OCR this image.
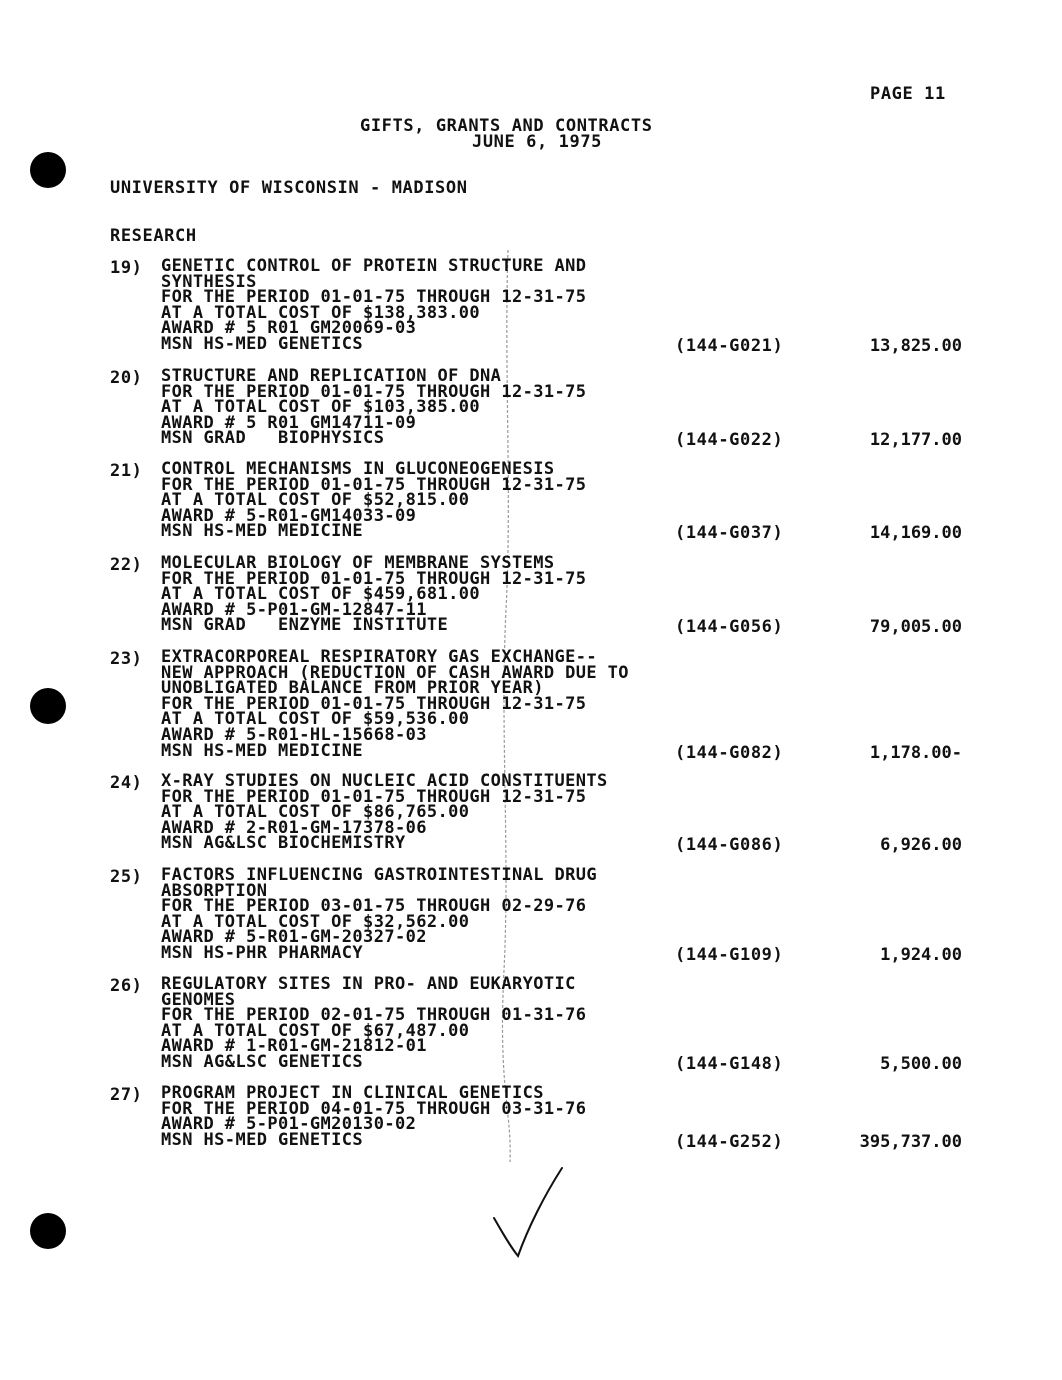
PAGE 11
GIFTS, GRANTS AND CONTRACTS
JUNE 6, 1975
UNIVERSITY OF WISCONSIN - MADISON
RESEARCH
19) GENETIC CONTROL OF PROTEIN STRUCTURE AND
SYNTHESIS
FOR THE PERIOD 01-01-75 THROUGH 12-31-75
AT A TOTAL COST OF $138,383.00
AWARD # 5 R01 GM20069-03
MSN HS-MED GENETICS	(144-G021)	13,825.00
20) STRUCTURE AND REPLICATION OF DNA
FOR THE PERIOD 01-01-75 THROUGH 12-31-75
AT A TOTAL COST OF $103,385.00
AWARD # 5 R01 GM14711-09
MSN GRAD   BIOPHYSICS	(144-G022)	12,177.00
21) CONTROL MECHANISMS IN GLUCONEOGENESIS
FOR THE PERIOD 01-01-75 THROUGH 12-31-75
AT A TOTAL COST OF $52,815.00
AWARD # 5-R01-GM14033-09
MSN HS-MED MEDICINE	(144-G037)	14,169.00
22) MOLECULAR BIOLOGY OF MEMBRANE SYSTEMS
FOR THE PERIOD 01-01-75 THROUGH 12-31-75
AT A TOTAL COST OF $459,681.00
AWARD # 5-P01-GM-12847-11
MSN GRAD   ENZYME INSTITUTE	(144-G056)	79,005.00
23) EXTRACORPOREAL RESPIRATORY GAS EXCHANGE--
NEW APPROACH (REDUCTION OF CASH AWARD DUE TO
UNOBLIGATED BALANCE FROM PRIOR YEAR)
FOR THE PERIOD 01-01-75 THROUGH 12-31-75
AT A TOTAL COST OF $59,536.00
AWARD # 5-R01-HL-15668-03
MSN HS-MED MEDICINE	(144-G082)	1,178.00-
24) X-RAY STUDIES ON NUCLEIC ACID CONSTITUENTS
FOR THE PERIOD 01-01-75 THROUGH 12-31-75
AT A TOTAL COST OF $86,765.00
AWARD # 2-R01-GM-17378-06
MSN AG&LSC BIOCHEMISTRY	(144-G086)	6,926.00
25) FACTORS INFLUENCING GASTROINTESTINAL DRUG
ABSORPTION
FOR THE PERIOD 03-01-75 THROUGH 02-29-76
AT A TOTAL COST OF $32,562.00
AWARD # 5-R01-GM-20327-02
MSN HS-PHR PHARMACY	(144-G109)	1,924.00
26) REGULATORY SITES IN PRO- AND EUKARYOTIC
GENOMES
FOR THE PERIOD 02-01-75 THROUGH 01-31-76
AT A TOTAL COST OF $67,487.00
AWARD # 1-R01-GM-21812-01
MSN AG&LSC GENETICS	(144-G148)	5,500.00
27) PROGRAM PROJECT IN CLINICAL GENETICS
FOR THE PERIOD 04-01-75 THROUGH 03-31-76
AWARD # 5-P01-GM20130-02
MSN HS-MED GENETICS	(144-G252)	395,737.00
